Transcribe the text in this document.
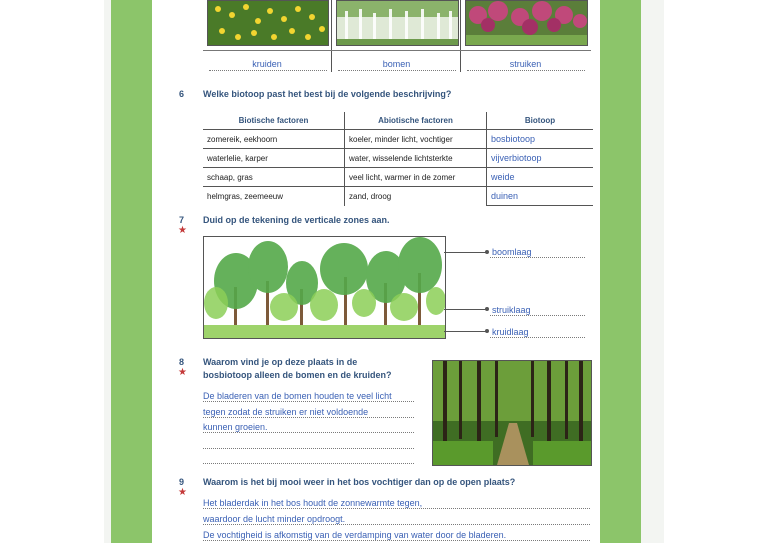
kruiden	bomen	struiken
6 Welke biotoop past het best bij de volgende beschrijving?
Biotische factoren	Abiotische factoren	Biotoop
zomereik, eekhoorn	koeler, minder licht, vochtiger	bosbiotoop
waterlelie, karper	water, wisselende lichtsterkte	vijverbiotoop
schaap, gras	veel licht, warmer in de zomer	weide
helmgras, zeemeeuw	zand, droog	duinen
7
★
Duid op de tekening de verticale zones aan.
boomlaag
struiklaag
kruidlaag
8
★
Waarom vind je op deze plaats in de
bosbiotoop alleen de bomen en de kruiden?
De bladeren van de bomen houden te veel licht
tegen zodat de struiken er niet voldoende
kunnen groeien.
9
★
Waarom is het bij mooi weer in het bos vochtiger dan op de open plaats?
Het bladerdak in het bos houdt de zonnewarmte tegen,
waardoor de lucht minder opdroogt.
De vochtigheid is afkomstig van de verdamping van water door de bladeren.
